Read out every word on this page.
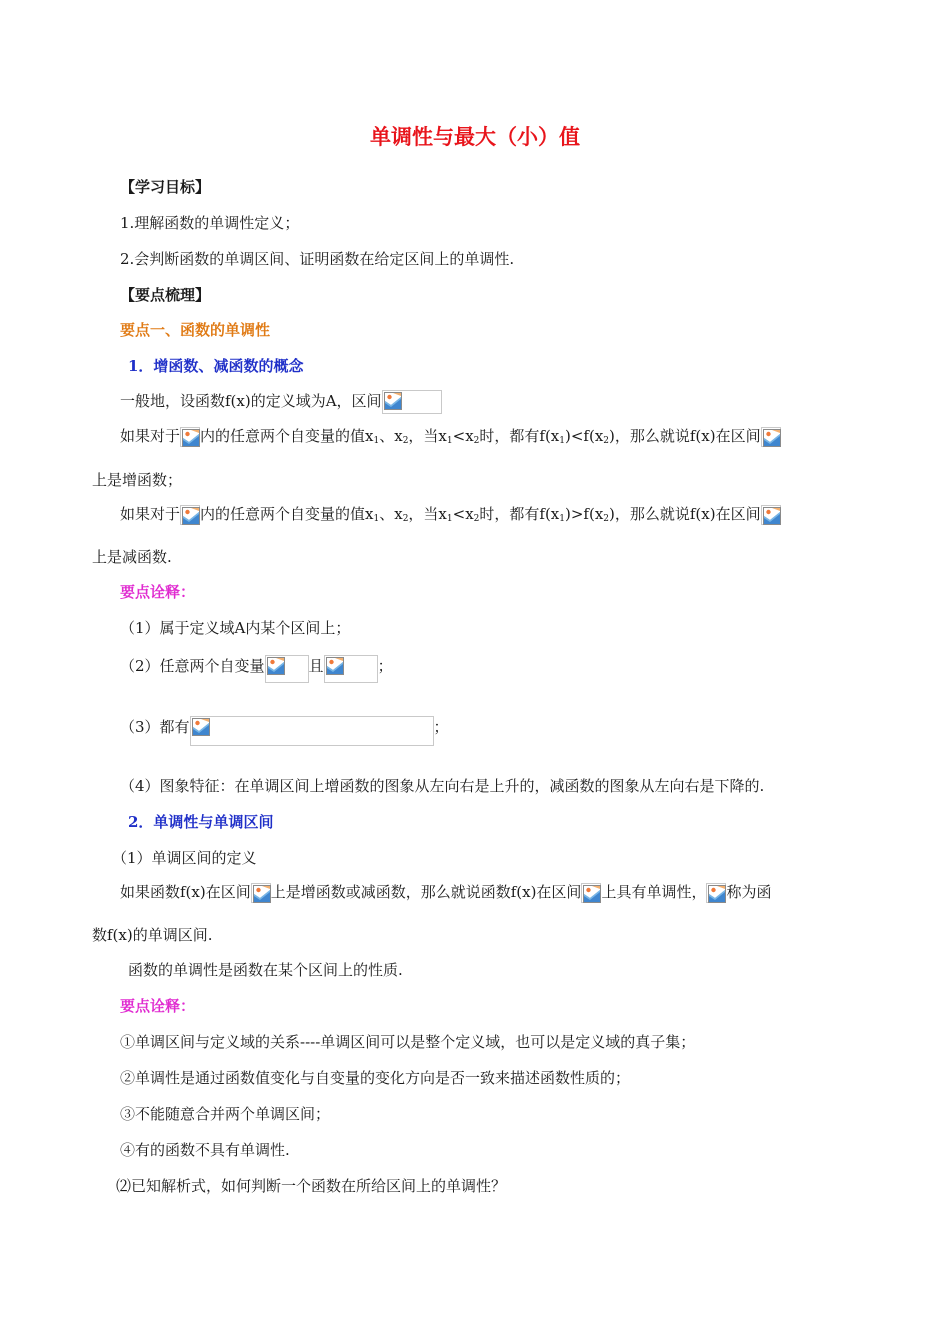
单调性与最大（小）值
【学习目标】
1.理解函数的单调性定义；
2.会判断函数的单调区间、证明函数在给定区间上的单调性.
【要点梳理】
要点一、函数的单调性
1．增函数、减函数的概念
一般地，设函数f(x)的定义域为A，区间
如果对于 内的任意两个自变量的值$x_1$、$x_2$，当$x_1<x_2$时，都有$f(x_1)<f(x_2)$，那么就说f(x)在区间
上是增函数；
如果对于 内的任意两个自变量的值$x_1$、$x_2$，当$x_1<x_2$时，都有$f(x_1)>f(x_2)$，那么就说f(x)在区间
上是减函数.
要点诠释：
（1）属于定义域A内某个区间上；
（2）任意两个自变量	且	；
（3）都有	；
（4）图象特征：在单调区间上增函数的图象从左向右是上升的，减函数的图象从左向右是下降的.
2．单调性与单调区间
（1）单调区间的定义
如果函数f(x)在区间 上是增函数或减函数，那么就说函数f(x)在区间 上具有单调性， 称为函
数f(x)的单调区间.
函数的单调性是函数在某个区间上的性质.
要点诠释：
①单调区间与定义域的关系----单调区间可以是整个定义域，也可以是定义域的真子集；
②单调性是通过函数值变化与自变量的变化方向是否一致来描述函数性质的；
③不能随意合并两个单调区间；
④有的函数不具有单调性.
⑵已知解析式，如何判断一个函数在所给区间上的单调性？
